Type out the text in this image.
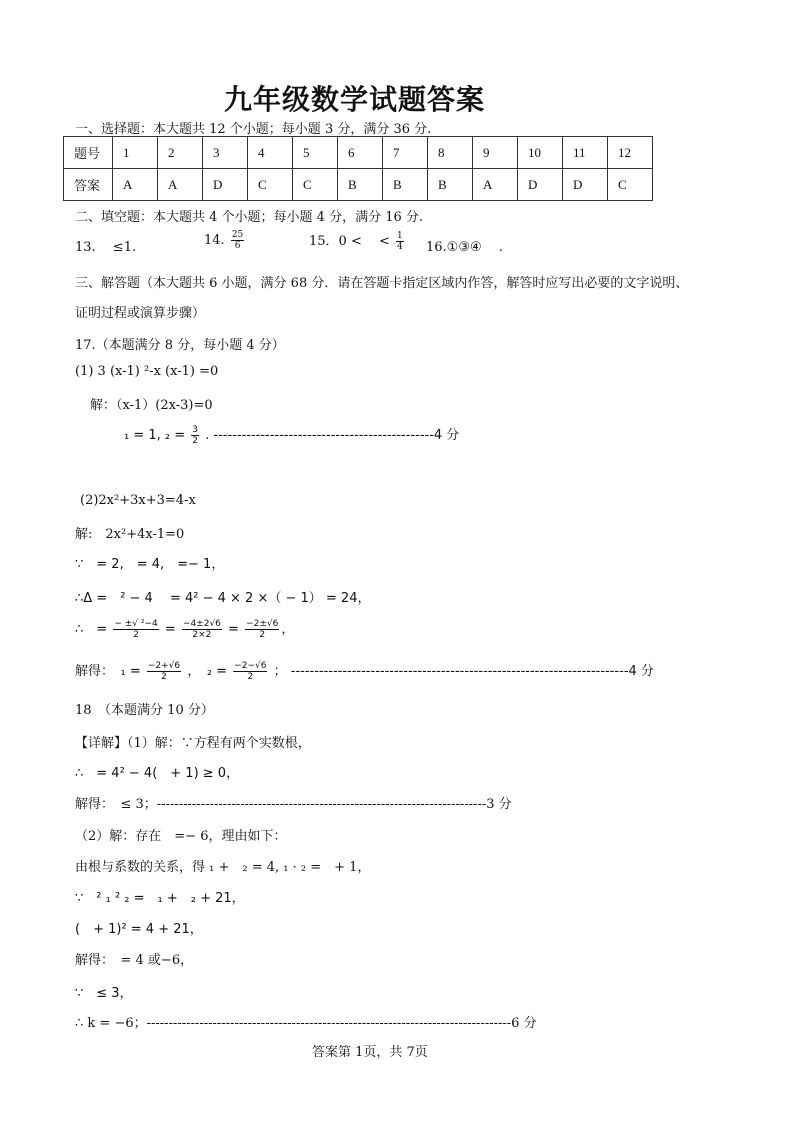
九年级数学试题答案
一、选择题：本大题共 12 个小题；每小题 3 分，满分 36 分.
题号	1	2	3	4	5	6	7	8	9	10	11	12
答案	A	A	D	C	C	B	B	B	A	D	D	C
二、填空题：本大题共 4 个小题；每小题 4 分，满分 16 分.
13.　 ≤1.	14. $\frac{25}{6}$	15．0 <　 < $\frac{1}{4}$ 16.①③④　 .
三、解答题（本大题共 6 小题，满分 68 分．请在答题卡指定区域内作答，解答时应写出必要的文字说明、
证明过程或演算步骤）
17.（本题满分 8 分，每小题 4 分）
(1) 3 (x-1) ²-x (x-1) =0
解：（x-1）(2x-3)=0
₁ = 1, $_2 = \frac{3}{2}$ . -----------------------------------------------4 分
(2)2x²+3x+3=4-x
解:　2x²+4x-1=0
∵　= 2,　= 4,　=− 1，
∴Δ =　² − 4　 = 4² − 4 × 2 ×（ − 1） = 24，
∴　= $\frac{\text{− ±√ ²−4}}{2} = \frac{-4\pm 2√6}{2\times 2} = \frac{-2\pm√6}{2}$ ，
解得：　$_1 = \frac{-2+√6}{2}$ ，　$_2 = \frac{-2-√6}{2}$ ； ------------------------------------------------------------------------4 分
18　（本题满分 10 分）
【详解】（1）解：∵方程有两个实数根，
∴　= 4² − 4(　+ 1) ≥ 0，
解得：　≤ 3；---------------------------------------------------------------------------3 分
（2）解：存在　=− 6，理由如下：
由根与系数的关系，得 ₁ +　₂ = 4, ₁ · ₂ =　+ 1，
∵　² ₁ ² ₂ =　₁ +　₂ + 21，
(　+ 1)² = 4 + 21，
解得：　= 4 或−6，
∵　≤ 3，
∴ k = −6；-----------------------------------------------------------------------------------6 分
答案第 1页，共 7页
